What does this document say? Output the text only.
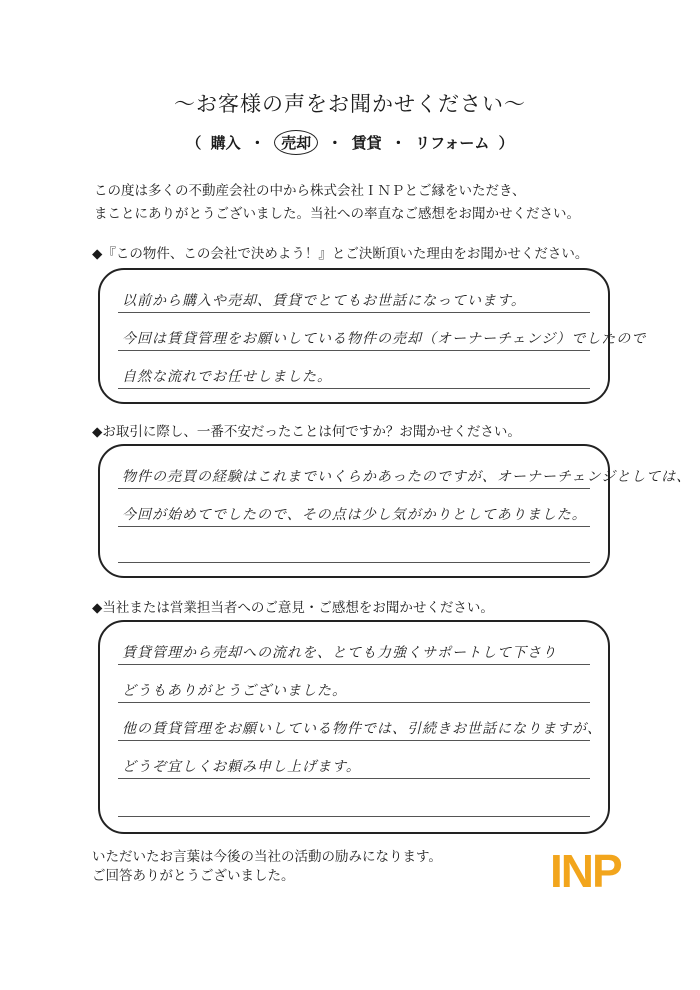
～お客様の声をお聞かせください～
（ 購入 ・ 売却 ・ 賃貸 ・ リフォーム ）
この度は多くの不動産会社の中から株式会社ＩＮＰとご縁をいただき、
まことにありがとうございました。当社への率直なご感想をお聞かせください。
◆『この物件、この会社で決めよう！』とご決断頂いた理由をお聞かせください。
以前から購入や売却、賃貸でとてもお世話になっています。
今回は賃貸管理をお願いしている物件の売却（オーナーチェンジ）でしたので
自然な流れでお任せしました。
◆お取引に際し、一番不安だったことは何ですか？お聞かせください。
物件の売買の経験はこれまでいくらかあったのですが、オーナーチェンジとしては、
今回が始めてでしたので、その点は少し気がかりとしてありました。
◆当社または営業担当者へのご意見・ご感想をお聞かせください。
賃貸管理から売却への流れを、とても力強くサポートして下さり
どうもありがとうございました。
他の賃貸管理をお願いしている物件では、引続きお世話になりますが、
どうぞ宜しくお頼み申し上げます。
いただいたお言葉は今後の当社の活動の励みになります。
ご回答ありがとうございました。	INP
